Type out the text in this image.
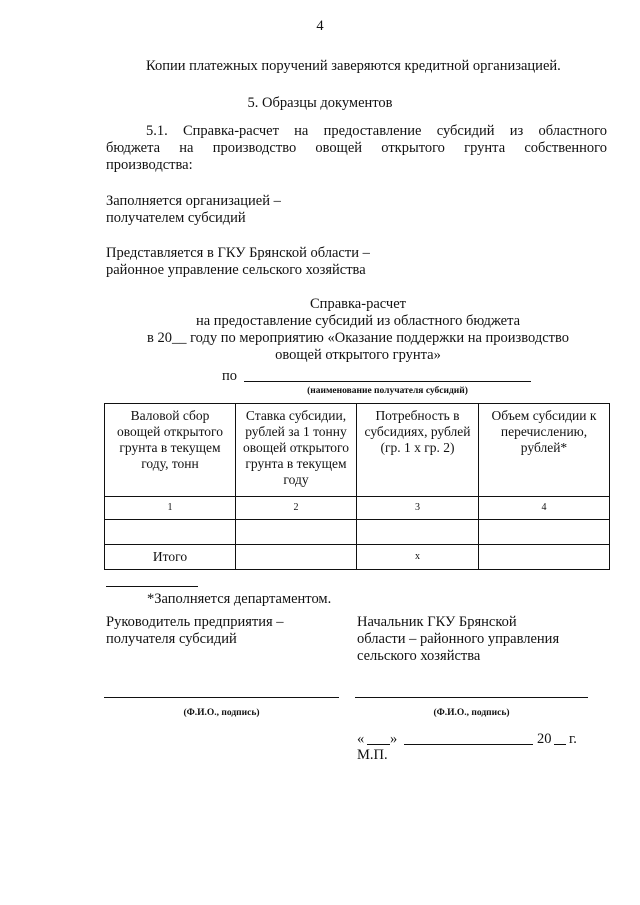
4
Копии платежных поручений заверяются кредитной организацией.
5. Образцы документов
5.1. Справка-расчет на предоставление субсидий из областного
бюджета на производство овощей открытого грунта собственного
производства:
Заполняется организацией –
получателем субсидий
Представляется в ГКУ Брянской области –
районное управление сельского хозяйства
Справка-расчет
на предоставление субсидий из областного бюджета
в 20__ году по мероприятию «Оказание поддержки на производство
овощей открытого грунта»
по
(наименование получателя субсидий)
Валовой сбор овощей открытого грунта в текущем году, тонн	Ставка субсидии, рублей за 1 тонну овощей открытого грунта в текущем году	Потребность в субсидиях, рублей (гр. 1 х гр. 2)	Объем субсидии к перечислению, рублей*
1	2	3	4

Итого		х	
*Заполняется департаментом.
Руководитель предприятия –
получателя субсидий
Начальник ГКУ Брянской
области – районного управления
сельского хозяйства
(Ф.И.О., подпись)	(Ф.И.О., подпись)
« »	20 г.
М.П.
